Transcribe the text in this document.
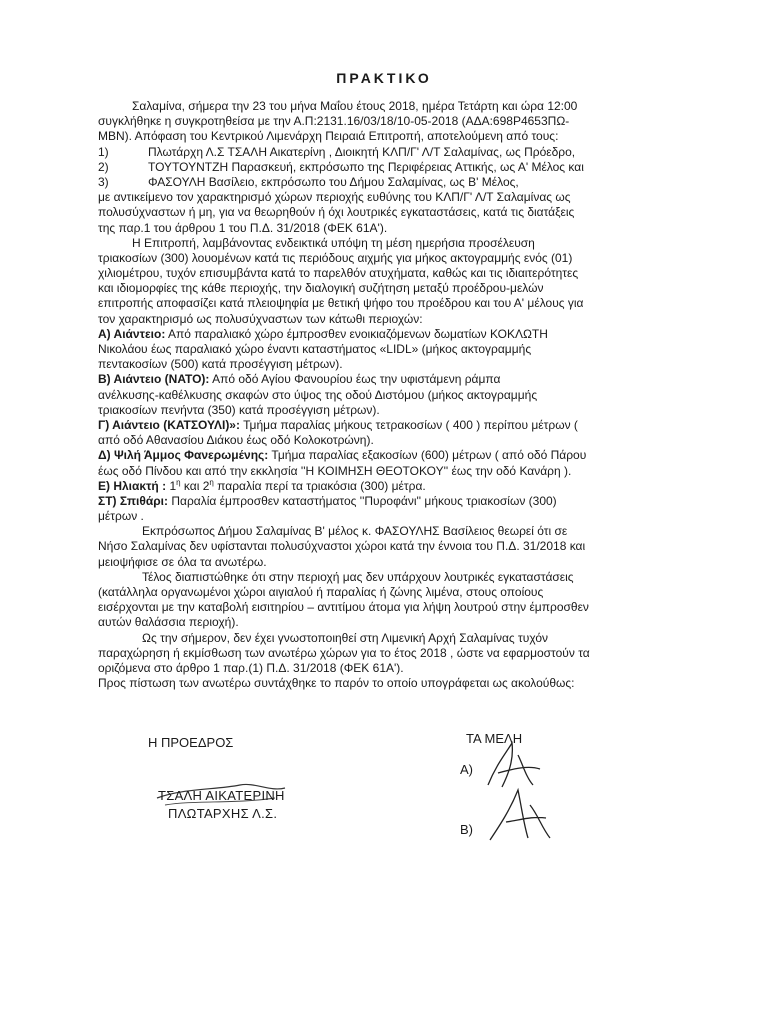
ΠΡΑΚΤΙΚΟ
Σαλαμίνα, σήμερα την 23 του μήνα Μαΐου έτους 2018, ημέρα Τετάρτη και ώρα 12:00
συγκλήθηκε η συγκροτηθείσα με την Α.Π:2131.16/03/18/10-05-2018 (ΑΔΑ:698Ρ4653ΠΩ-
ΜΒΝ). Απόφαση του Κεντρικού Λιμενάρχη Πειραιά Επιτροπή, αποτελούμενη από τους:
1)	Πλωτάρχη Λ.Σ ΤΣΑΛΗ Αικατερίνη , Διοικητή ΚΛΠ/Γ' Λ/Τ Σαλαμίνας, ως Πρόεδρο,
2)	ΤΟΥΤΟΥΝΤΖΗ Παρασκευή, εκπρόσωπο της Περιφέρειας Αττικής, ως Α' Μέλος και
3)	ΦΑΣΟΥΛΗ Βασίλειο, εκπρόσωπο του Δήμου Σαλαμίνας, ως Β' Μέλος,
με αντικείμενο τον χαρακτηρισμό χώρων περιοχής ευθύνης του ΚΛΠ/Γ' Λ/Τ Σαλαμίνας ως
πολυσύχναστων ή μη, για να θεωρηθούν ή όχι λουτρικές εγκαταστάσεις, κατά τις διατάξεις
της παρ.1 του άρθρου 1 του Π.Δ. 31/2018 (ΦΕΚ 61Α').
Η Επιτροπή, λαμβάνοντας ενδεικτικά υπόψη τη μέση ημερήσια προσέλευση
τριακοσίων (300) λουομένων κατά τις περιόδους αιχμής για μήκος ακτογραμμής ενός (01)
χιλιομέτρου, τυχόν επισυμβάντα κατά το παρελθόν ατυχήματα, καθώς και τις ιδιαιτερότητες
και ιδιομορφίες της κάθε περιοχής, την διαλογική συζήτηση μεταξύ προέδρου-μελών
επιτροπής αποφασίζει κατά πλειοψηφία με θετική ψήφο του προέδρου και του Α' μέλους για
τον χαρακτηρισμό ως πολυσύχναστων των κάτωθι περιοχών:
Α) Αιάντειο: Από παραλιακό χώρο έμπροσθεν ενοικιαζόμενων δωματίων ΚΟΚΛΩΤΗ
Νικολάου έως παραλιακό χώρο έναντι καταστήματος «LIDL» (μήκος ακτογραμμής
πεντακοσίων (500) κατά προσέγγιση μέτρων).
Β) Αιάντειο (ΝΑΤΟ): Από οδό Αγίου Φανουρίου έως την υφιστάμενη ράμπα
ανέλκυσης-καθέλκυσης σκαφών στο ύψος της οδού Διστόμου (μήκος ακτογραμμής
τριακοσίων πενήντα (350) κατά προσέγγιση μέτρων).
Γ) Αιάντειο (ΚΑΤΣΟΥΛΙ)»: Τμήμα παραλίας μήκους τετρακοσίων ( 400 ) περίπου μέτρων (
από οδό Αθανασίου Διάκου έως οδό Κολοκοτρώνη).
Δ) Ψιλή Άμμος Φανερωμένης: Τμήμα παραλίας εξακοσίων (600) μέτρων ( από οδό Πάρου
έως οδό Πίνδου και από την εκκλησία ''Η ΚΟΙΜΗΣΗ ΘΕΟΤΟΚΟΥ'' έως την οδό Κανάρη ).
Ε) Ηλιακτή : $1^\eta$ και $2^\eta$ παραλία περί τα τριακόσια (300) μέτρα.
ΣΤ) Σπιθάρι: Παραλία έμπροσθεν καταστήματος ''Πυροφάνι'' μήκους τριακοσίων (300)
μέτρων .
Εκπρόσωπος Δήμου Σαλαμίνας Β' μέλος κ. ΦΑΣΟΥΛΗΣ Βασίλειος θεωρεί ότι σε
Νήσο Σαλαμίνας δεν υφίστανται πολυσύχναστοι χώροι κατά την έννοια του Π.Δ. 31/2018 και
μειοψήφισε σε όλα τα ανωτέρω.
Τέλος διαπιστώθηκε ότι στην περιοχή μας δεν υπάρχουν λουτρικές εγκαταστάσεις
(κατάλληλα οργανωμένοι χώροι αιγιαλού ή παραλίας ή ζώνης λιμένα, στους οποίους
εισέρχονται με την καταβολή εισιτηρίου – αντιτίμου άτομα για λήψη λουτρού στην έμπροσθεν
αυτών θαλάσσια περιοχή).
Ως την σήμερον, δεν έχει γνωστοποιηθεί στη Λιμενική Αρχή Σαλαμίνας τυχόν
παραχώρηση ή εκμίσθωση των ανωτέρω χώρων για το έτος 2018 , ώστε να εφαρμοστούν τα
οριζόμενα στο άρθρο 1 παρ.(1) Π.Δ. 31/2018 (ΦΕΚ 61Α').
Προς πίστωση των ανωτέρω συντάχθηκε το παρόν το οποίο υπογράφεται ως ακολούθως:
Η ΠΡΟΕΔΡΟΣ
ΤΣΑΛΗ ΑΙΚΑΤΕΡΙΝΗ
ΠΛΩΤΑΡΧΗΣ Λ.Σ.
ΤΑ ΜΕΛΗ
Α)
Β)
